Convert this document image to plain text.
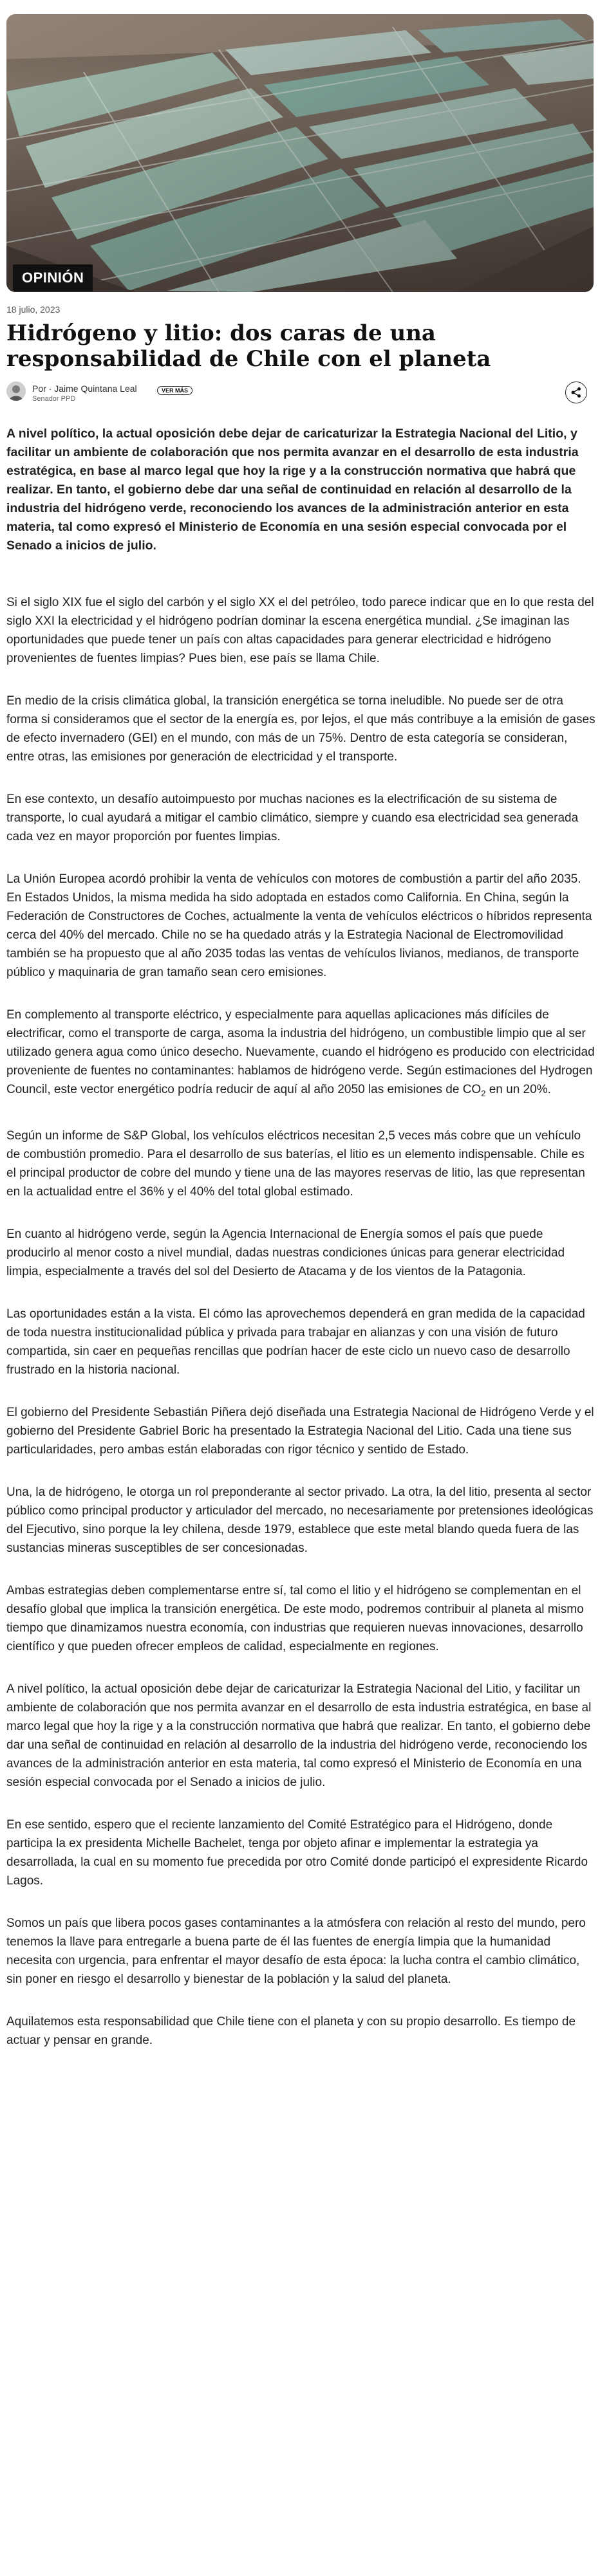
OPINIÓN
18 julio, 2023
Hidrógeno y litio: dos caras de una responsabilidad de Chile con el planeta
Por · Jaime Quintana Leal
Senador PPD
VER MÁS

A nivel político, la actual oposición debe dejar de caricaturizar la Estrategia Nacional del Litio, y facilitar un ambiente de colaboración que nos permita avanzar en el desarrollo de esta industria estratégica, en base al marco legal que hoy la rige y a la construcción normativa que habrá que realizar. En tanto, el gobierno debe dar una señal de continuidad en relación al desarrollo de la industria del hidrógeno verde, reconociendo los avances de la administración anterior en esta materia, tal como expresó el Ministerio de Economía en una sesión especial convocada por el Senado a inicios de julio.

Si el siglo XIX fue el siglo del carbón y el siglo XX el del petróleo, todo parece indicar que en lo que resta del siglo XXI la electricidad y el hidrógeno podrían dominar la escena energética mundial. ¿Se imaginan las oportunidades que puede tener un país con altas capacidades para generar electricidad e hidrógeno provenientes de fuentes limpias? Pues bien, ese país se llama Chile.

En medio de la crisis climática global, la transición energética se torna ineludible. No puede ser de otra forma si consideramos que el sector de la energía es, por lejos, el que más contribuye a la emisión de gases de efecto invernadero (GEI) en el mundo, con más de un 75%. Dentro de esta categoría se consideran, entre otras, las emisiones por generación de electricidad y el transporte.

En ese contexto, un desafío autoimpuesto por muchas naciones es la electrificación de su sistema de transporte, lo cual ayudará a mitigar el cambio climático, siempre y cuando esa electricidad sea generada cada vez en mayor proporción por fuentes limpias.

La Unión Europea acordó prohibir la venta de vehículos con motores de combustión a partir del año 2035. En Estados Unidos, la misma medida ha sido adoptada en estados como California. En China, según la Federación de Constructores de Coches, actualmente la venta de vehículos eléctricos o híbridos representa cerca del 40% del mercado. Chile no se ha quedado atrás y la Estrategia Nacional de Electromovilidad también se ha propuesto que al año 2035 todas las ventas de vehículos livianos, medianos, de transporte público y maquinaria de gran tamaño sean cero emisiones.

En complemento al transporte eléctrico, y especialmente para aquellas aplicaciones más difíciles de electrificar, como el transporte de carga, asoma la industria del hidrógeno, un combustible limpio que al ser utilizado genera agua como único desecho. Nuevamente, cuando el hidrógeno es producido con electricidad proveniente de fuentes no contaminantes: hablamos de hidrógeno verde. Según estimaciones del Hydrogen Council, este vector energético podría reducir de aquí al año 2050 las emisiones de $CO_2$ en un 20%.

Según un informe de S&P Global, los vehículos eléctricos necesitan 2,5 veces más cobre que un vehículo de combustión promedio. Para el desarrollo de sus baterías, el litio es un elemento indispensable. Chile es el principal productor de cobre del mundo y tiene una de las mayores reservas de litio, las que representan en la actualidad entre el 36% y el 40% del total global estimado.

En cuanto al hidrógeno verde, según la Agencia Internacional de Energía somos el país que puede producirlo al menor costo a nivel mundial, dadas nuestras condiciones únicas para generar electricidad limpia, especialmente a través del sol del Desierto de Atacama y de los vientos de la Patagonia.

Las oportunidades están a la vista. El cómo las aprovechemos dependerá en gran medida de la capacidad de toda nuestra institucionalidad pública y privada para trabajar en alianzas y con una visión de futuro compartida, sin caer en pequeñas rencillas que podrían hacer de este ciclo un nuevo caso de desarrollo frustrado en la historia nacional.

El gobierno del Presidente Sebastián Piñera dejó diseñada una Estrategia Nacional de Hidrógeno Verde y el gobierno del Presidente Gabriel Boric ha presentado la Estrategia Nacional del Litio. Cada una tiene sus particularidades, pero ambas están elaboradas con rigor técnico y sentido de Estado.

Una, la de hidrógeno, le otorga un rol preponderante al sector privado. La otra, la del litio, presenta al sector público como principal productor y articulador del mercado, no necesariamente por pretensiones ideológicas del Ejecutivo, sino porque la ley chilena, desde 1979, establece que este metal blando queda fuera de las sustancias mineras susceptibles de ser concesionadas.

Ambas estrategias deben complementarse entre sí, tal como el litio y el hidrógeno se complementan en el desafío global que implica la transición energética. De este modo, podremos contribuir al planeta al mismo tiempo que dinamizamos nuestra economía, con industrias que requieren nuevas innovaciones, desarrollo científico y que pueden ofrecer empleos de calidad, especialmente en regiones.

A nivel político, la actual oposición debe dejar de caricaturizar la Estrategia Nacional del Litio, y facilitar un ambiente de colaboración que nos permita avanzar en el desarrollo de esta industria estratégica, en base al marco legal que hoy la rige y a la construcción normativa que habrá que realizar. En tanto, el gobierno debe dar una señal de continuidad en relación al desarrollo de la industria del hidrógeno verde, reconociendo los avances de la administración anterior en esta materia, tal como expresó el Ministerio de Economía en una sesión especial convocada por el Senado a inicios de julio.

En ese sentido, espero que el reciente lanzamiento del Comité Estratégico para el Hidrógeno, donde participa la ex presidenta Michelle Bachelet, tenga por objeto afinar e implementar la estrategia ya desarrollada, la cual en su momento fue precedida por otro Comité donde participó el expresidente Ricardo Lagos.

Somos un país que libera pocos gases contaminantes a la atmósfera con relación al resto del mundo, pero tenemos la llave para entregarle a buena parte de él las fuentes de energía limpia que la humanidad necesita con urgencia, para enfrentar el mayor desafío de esta época: la lucha contra el cambio climático, sin poner en riesgo el desarrollo y bienestar de la población y la salud del planeta.

Aquilatemos esta responsabilidad que Chile tiene con el planeta y con su propio desarrollo. Es tiempo de actuar y pensar en grande.
